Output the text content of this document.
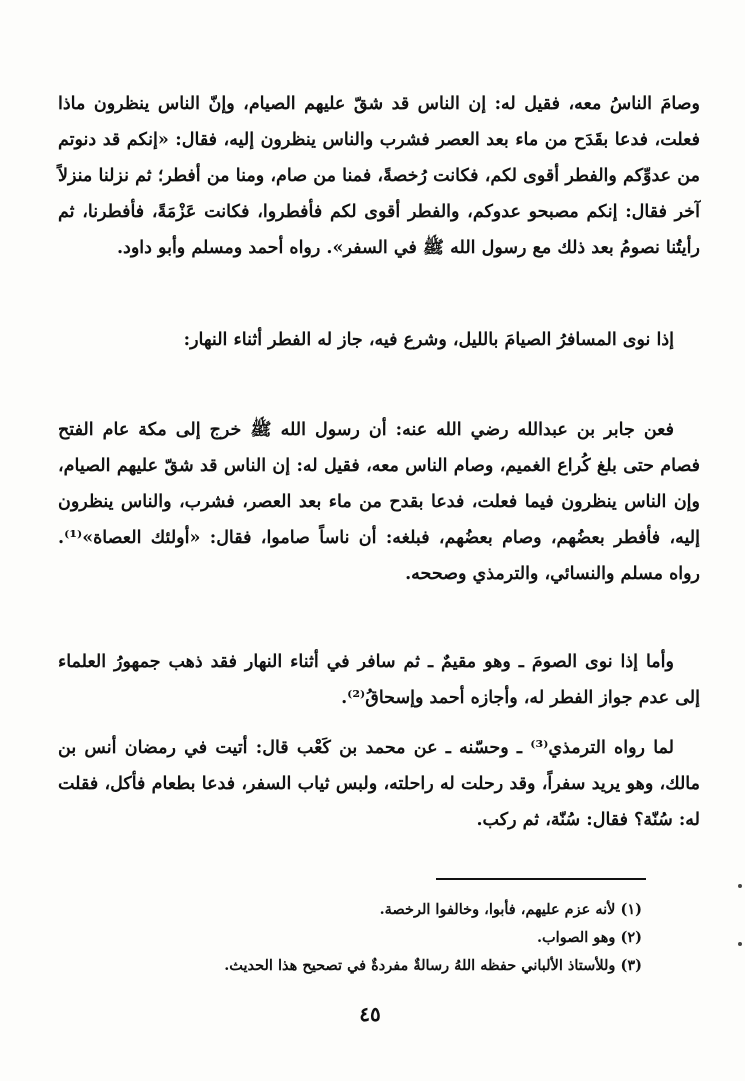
وصامَ الناسُ معه، فقيل له: إن الناس قد شقّ عليهم الصيام، وإنّ الناس ينظرون ماذا فعلت، فدعا بقَدَح من ماء بعد العصر فشرب والناس ينظرون إليه، فقال: «إنكم قد دنوتم من عدوِّكم والفطر أقوى لكم، فكانت رُخصةً، فمنا من صام، ومنا من أفطر؛ ثم نزلنا منزلاً آخر فقال: إنكم مصبحو عدوكم، والفطر أقوى لكم فأفطروا، فكانت عَزْمَةً، فأفطرنا، ثم رأيتُنا نصومُ بعد ذلك مع رسول الله ﷺ في السفر». رواه أحمد ومسلم وأبو داود.

إذا نوى المسافرُ الصيامَ بالليل، وشرع فيه، جاز له الفطر أثناء النهار:

فعن جابر بن عبدالله رضي الله عنه: أن رسول الله ﷺ خرج إلى مكة عام الفتح فصام حتى بلغ كُراع الغميم، وصام الناس معه، فقيل له: إن الناس قد شقّ عليهم الصيام، وإن الناس ينظرون فيما فعلت، فدعا بقدح من ماء بعد العصر، فشرب، والناس ينظرون إليه، فأفطر بعضُهم، وصام بعضُهم، فبلغه: أن ناساً صاموا، فقال: «أولئك العصاة»⁽¹⁾. رواه مسلم والنسائي، والترمذي وصححه.

وأما إذا نوى الصومَ ـ وهو مقيمٌ ـ ثم سافر في أثناء النهار فقد ذهب جمهورُ العلماء إلى عدم جواز الفطر له، وأجازه أحمد وإسحاقُ⁽²⁾.

لما رواه الترمذي⁽³⁾ ـ وحسّنه ـ عن محمد بن كَعْب قال: أتيت في رمضان أنس بن مالك، وهو يريد سفراً، وقد رحلت له راحلته، ولبس ثياب السفر، فدعا بطعام فأكل، فقلت له: سُنّة؟ فقال: سُنّة، ثم ركب.

(١) لأنه عزم عليهم، فأبوا، وخالفوا الرخصة.
(٢) وهو الصواب.
(٣) وللأستاذ الألباني حفظه اللهُ رسالةٌ مفردةٌ في تصحيح هذا الحديث.
٤٥
